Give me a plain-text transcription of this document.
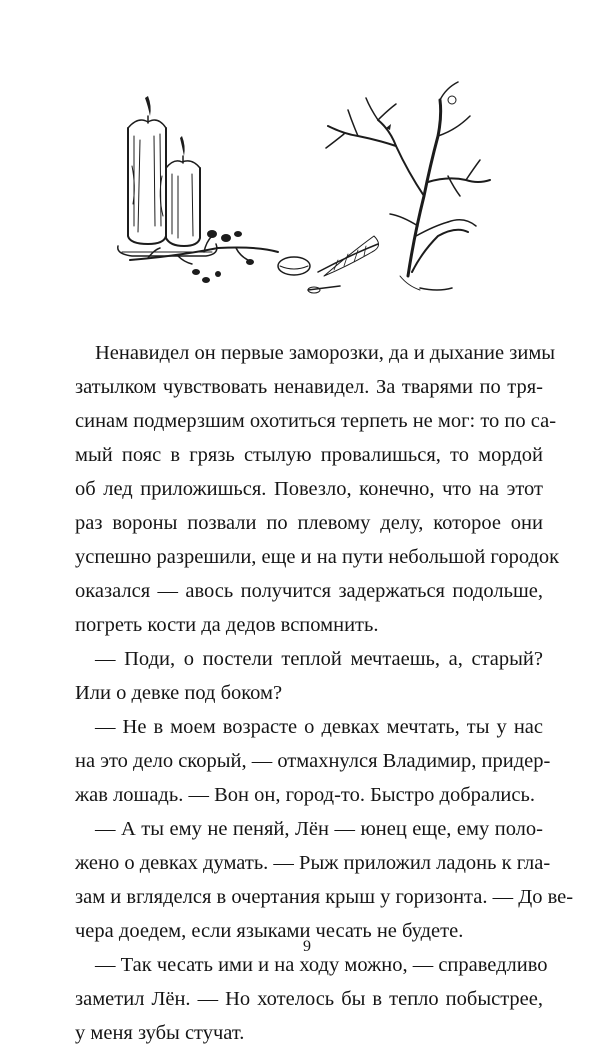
Ненавидел он первые заморозки, да и дыхание зимы
затылком чувствовать ненавидел. За тварями по тря-
синам подмерзшим охотиться терпеть не мог: то по са-
мый пояс в грязь стылую провалишься, то мордой
об лед приложишься. Повезло, конечно, что на этот
раз вороны позвали по плевому делу, которое они
успешно разрешили, еще и на пути небольшой городок
оказался — авось получится задержаться подольше,
погреть кости да дедов вспомнить.
— Поди, о постели теплой мечтаешь, а, старый?
Или о девке под боком?
— Не в моем возрасте о девках мечтать, ты у нас
на это дело скорый, — отмахнулся Владимир, придер-
жав лошадь. — Вон он, город-то. Быстро добрались.
— А ты ему не пеняй, Лён — юнец еще, ему поло-
жено о девках думать. — Рыж приложил ладонь к гла-
зам и вгляделся в очертания крыш у горизонта. — До ве-
чера доедем, если языками чесать не будете.
— Так чесать ими и на ходу можно, — справедливо
заметил Лён. — Но хотелось бы в тепло побыстрее,
у меня зубы стучат.
9
